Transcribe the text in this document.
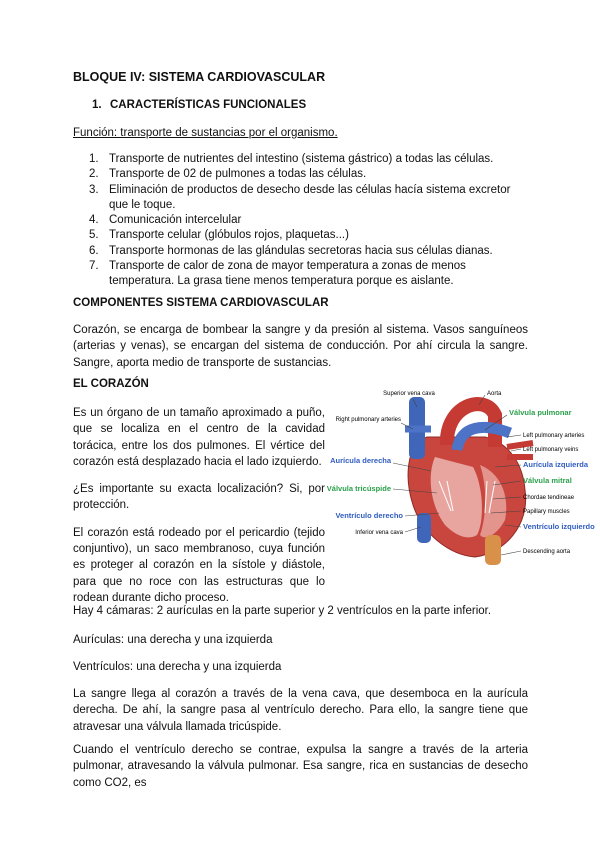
BLOQUE IV: SISTEMA CARDIOVASCULAR
1. CARACTERÍSTICAS FUNCIONALES
Función: transporte de sustancias por el organismo.
1. Transporte de nutrientes del intestino (sistema gástrico) a todas las células.
2. Transporte de 02 de pulmones a todas las células.
3. Eliminación de productos de desecho desde las células hacía sistema excretor que le toque.
4. Comunicación intercelular
5. Transporte celular (glóbulos rojos, plaquetas...)
6. Transporte hormonas de las glándulas secretoras hacia sus células dianas.
7. Transporte de calor de zona de mayor temperatura a zonas de menos temperatura. La grasa tiene menos temperatura porque es aislante.
COMPONENTES SISTEMA CARDIOVASCULAR
Corazón, se encarga de bombear la sangre y da presión al sistema. Vasos sanguíneos (arterias y venas), se encargan del sistema de conducción. Por ahí circula la sangre. Sangre, aporta medio de transporte de sustancias.
EL CORAZÓN

Es un órgano de un tamaño aproximado a puño, que se localiza en el centro de la cavidad torácica, entre los dos pulmones. El vértice del corazón está desplazado hacia el lado izquierdo.

¿Es importante su exacta localización? Si, por protección.

El corazón está rodeado por el pericardio (tejido conjuntivo), un saco membranoso, cuya función es proteger al corazón en la sístole y diástole, para que no roce con las estructuras que lo rodean durante dicho proceso.

Superior vena cava	Aorta
Right pulmonary arteries
Válvula pulmonar
Left pulmonary arteries
Left pulmonary veins
Aurícula derecha	Aurícula izquierda
Válvula mitral
Válvula tricúspide
Chordae tendineae
Papillary muscles
Ventrículo derecho
Ventrículo izquierdo
Inferior vena cava
Descending aorta
Hay 4 cámaras: 2 aurículas en la parte superior y 2 ventrículos en la parte inferior.
Aurículas: una derecha y una izquierda
Ventrículos: una derecha y una izquierda
La sangre llega al corazón a través de la vena cava, que desemboca en la aurícula derecha. De ahí, la sangre pasa al ventrículo derecho. Para ello, la sangre tiene que atravesar una válvula llamada tricúspide.
Cuando el ventrículo derecho se contrae, expulsa la sangre a través de la arteria pulmonar, atravesando la válvula pulmonar. Esa sangre, rica en sustancias de desecho como CO2, es
